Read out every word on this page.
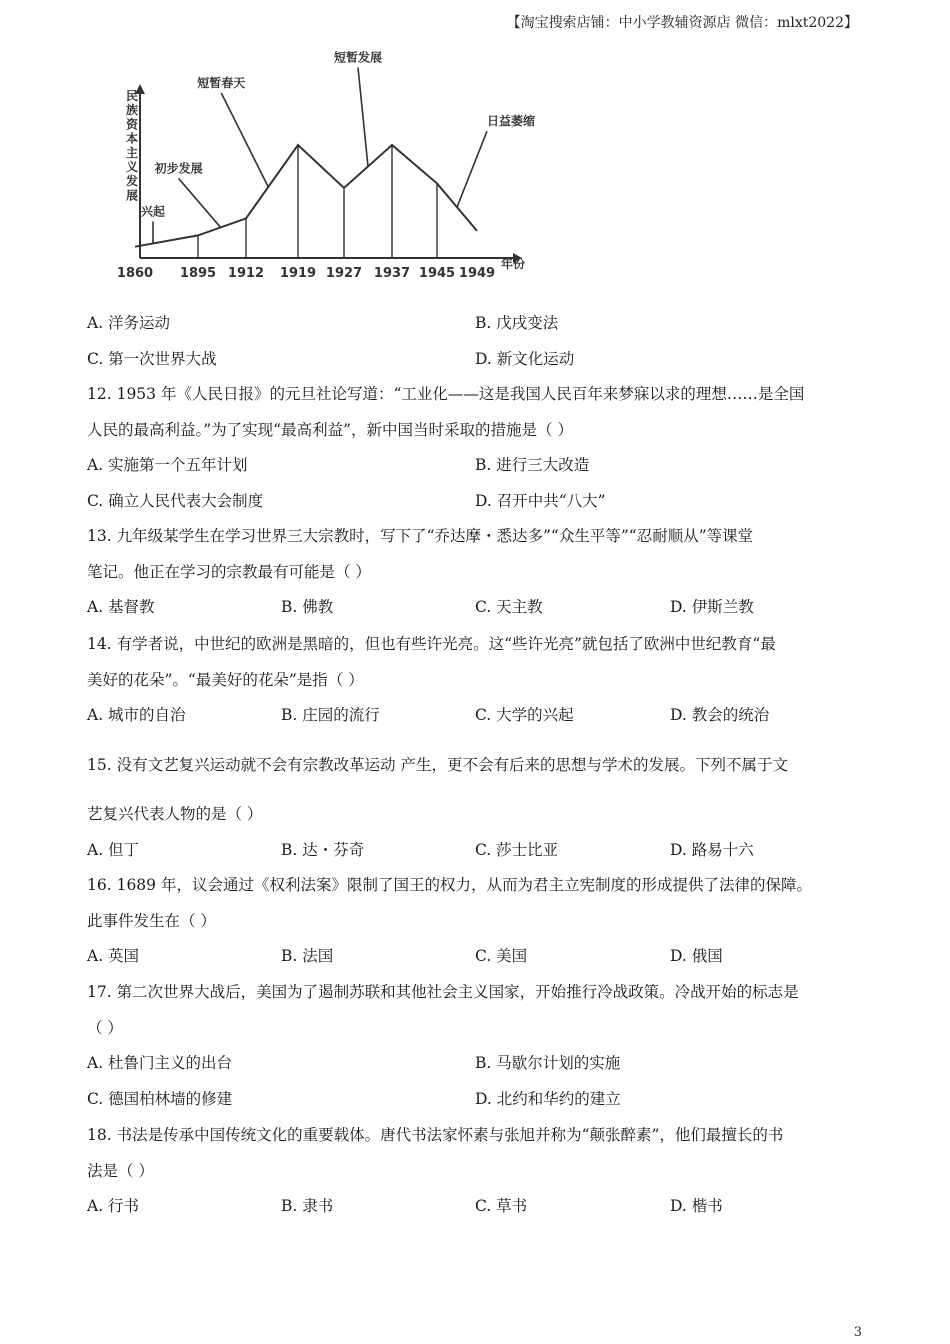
【淘宝搜索店铺：中小学教辅资源店 微信：mlxt2022】
民族资本主义发展
年份
1860 1895 1912 1919 1927 1937 1945 1949
兴起
初步发展
短暂春天
短暂发展
日益萎缩
A. 洋务运动	B. 戊戌变法
C. 第一次世界大战	D. 新文化运动
12. 1953 年《人民日报》的元旦社论写道：“工业化——这是我国人民百年来梦寐以求的理想……是全国
人民的最高利益。”为了实现“最高利益”，新中国当时采取的措施是（ ）
A. 实施第一个五年计划	B. 进行三大改造
C. 确立人民代表大会制度	D. 召开中共“八大”
13. 九年级某学生在学习世界三大宗教时，写下了“乔达摩・悉达多”“众生平等”“忍耐顺从”等课堂
笔记。他正在学习的宗教最有可能是（ ）
A. 基督教	B. 佛教	C. 天主教	D. 伊斯兰教
14. 有学者说，中世纪的欧洲是黑暗的，但也有些许光亮。这“些许光亮”就包括了欧洲中世纪教育“最
美好的花朵”。“最美好的花朵”是指（ ）
A. 城市的自治	B. 庄园的流行	C. 大学的兴起	D. 教会的统治
15. 没有文艺复兴运动就不会有宗教改革运动 产生，更不会有后来的思想与学术的发展。下列不属于文
艺复兴代表人物的是（ ）
A. 但丁	B. 达・芬奇	C. 莎士比亚	D. 路易十六
16. 1689 年，议会通过《权利法案》限制了国王的权力，从而为君主立宪制度的形成提供了法律的保障。
此事件发生在（ ）
A. 英国	B. 法国	C. 美国	D. 俄国
17. 第二次世界大战后，美国为了遏制苏联和其他社会主义国家，开始推行冷战政策。冷战开始的标志是
（ ）
A. 杜鲁门主义的出台	B. 马歇尔计划的实施
C. 德国柏林墙的修建	D. 北约和华约的建立
18. 书法是传承中国传统文化的重要载体。唐代书法家怀素与张旭并称为“颠张醉素”，他们最擅长的书
法是（ ）
A. 行书	B. 隶书	C. 草书	D. 楷书
3
